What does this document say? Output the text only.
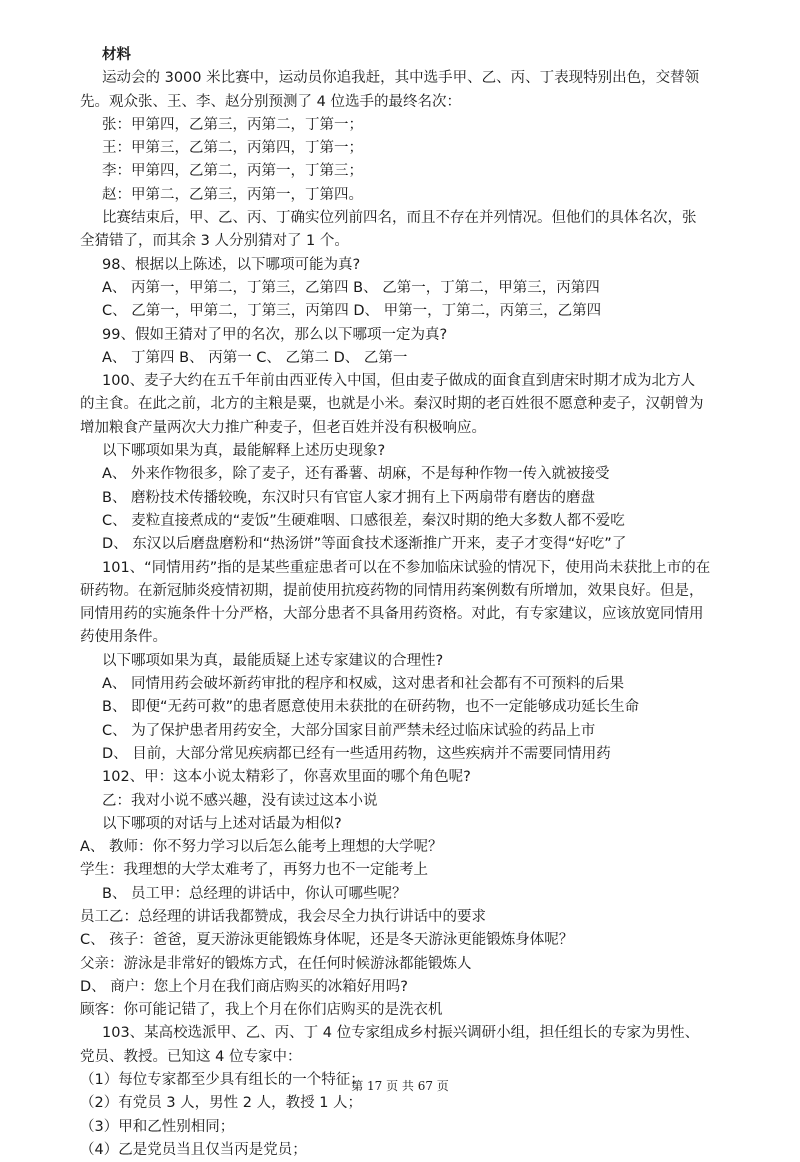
材料
运动会的 3000 米比赛中，运动员你追我赶，其中选手甲、乙、丙、丁表现特别出色，交替领
先。观众张、王、李、赵分别预测了 4 位选手的最终名次：
张：甲第四，乙第三，丙第二，丁第一；
王：甲第三，乙第二，丙第四，丁第一；
李：甲第四，乙第二，丙第一，丁第三；
赵：甲第二，乙第三，丙第一，丁第四。
比赛结束后，甲、乙、丙、丁确实位列前四名，而且不存在并列情况。但他们的具体名次，张
全猜错了，而其余 3 人分别猜对了 1 个。
98、根据以上陈述，以下哪项可能为真?
A、 丙第一，甲第二，丁第三，乙第四 B、 乙第一，丁第二，甲第三，丙第四
C、 乙第一，甲第二，丁第三，丙第四 D、 甲第一，丁第二，丙第三，乙第四
99、假如王猜对了甲的名次，那么以下哪项一定为真?
A、 丁第四 B、 丙第一 C、 乙第二 D、 乙第一
100、麦子大约在五千年前由西亚传入中国，但由麦子做成的面食直到唐宋时期才成为北方人
的主食。在此之前，北方的主粮是粟，也就是小米。秦汉时期的老百姓很不愿意种麦子，汉朝曾为
增加粮食产量两次大力推广种麦子，但老百姓并没有积极响应。
以下哪项如果为真，最能解释上述历史现象?
A、 外来作物很多，除了麦子，还有番薯、胡麻，不是每种作物一传入就被接受
B、 磨粉技术传播较晚，东汉时只有官宦人家才拥有上下两扇带有磨齿的磨盘
C、 麦粒直接煮成的“麦饭”生硬难咽、口感很差，秦汉时期的绝大多数人都不爱吃
D、 东汉以后磨盘磨粉和“热汤饼”等面食技术逐渐推广开来，麦子才变得“好吃”了
101、“同情用药”指的是某些重症患者可以在不参加临床试验的情况下，使用尚未获批上市的在
研药物。在新冠肺炎疫情初期，提前使用抗疫药物的同情用药案例数有所增加，效果良好。但是，
同情用药的实施条件十分严格，大部分患者不具备用药资格。对此，有专家建议，应该放宽同情用
药使用条件。
以下哪项如果为真，最能质疑上述专家建议的合理性?
A、 同情用药会破坏新药审批的程序和权威，这对患者和社会都有不可预料的后果
B、 即便“无药可救”的患者愿意使用未获批的在研药物，也不一定能够成功延长生命
C、 为了保护患者用药安全，大部分国家目前严禁未经过临床试验的药品上市
D、 目前，大部分常见疾病都已经有一些适用药物，这些疾病并不需要同情用药
102、甲：这本小说太精彩了，你喜欢里面的哪个角色呢?
乙：我对小说不感兴趣，没有读过这本小说
以下哪项的对话与上述对话最为相似?
A、 教师：你不努力学习以后怎么能考上理想的大学呢？
学生：我理想的大学太难考了，再努力也不一定能考上
B、 员工甲：总经理的讲话中，你认可哪些呢？
员工乙：总经理的讲话我都赞成，我会尽全力执行讲话中的要求
C、 孩子：爸爸，夏天游泳更能锻炼身体呢，还是冬天游泳更能锻炼身体呢？
父亲：游泳是非常好的锻炼方式，在任何时候游泳都能锻炼人
D、 商户：您上个月在我们商店购买的冰箱好用吗?
顾客：你可能记错了，我上个月在你们店购买的是洗衣机
103、某高校选派甲、乙、丙、丁 4 位专家组成乡村振兴调研小组，担任组长的专家为男性、
党员、教授。已知这 4 位专家中：
（1）每位专家都至少具有组长的一个特征；
（2）有党员 3 人，男性 2 人，教授 1 人；
（3）甲和乙性别相同；
（4）乙是党员当且仅当丙是党员；
第 17 页 共 67 页
